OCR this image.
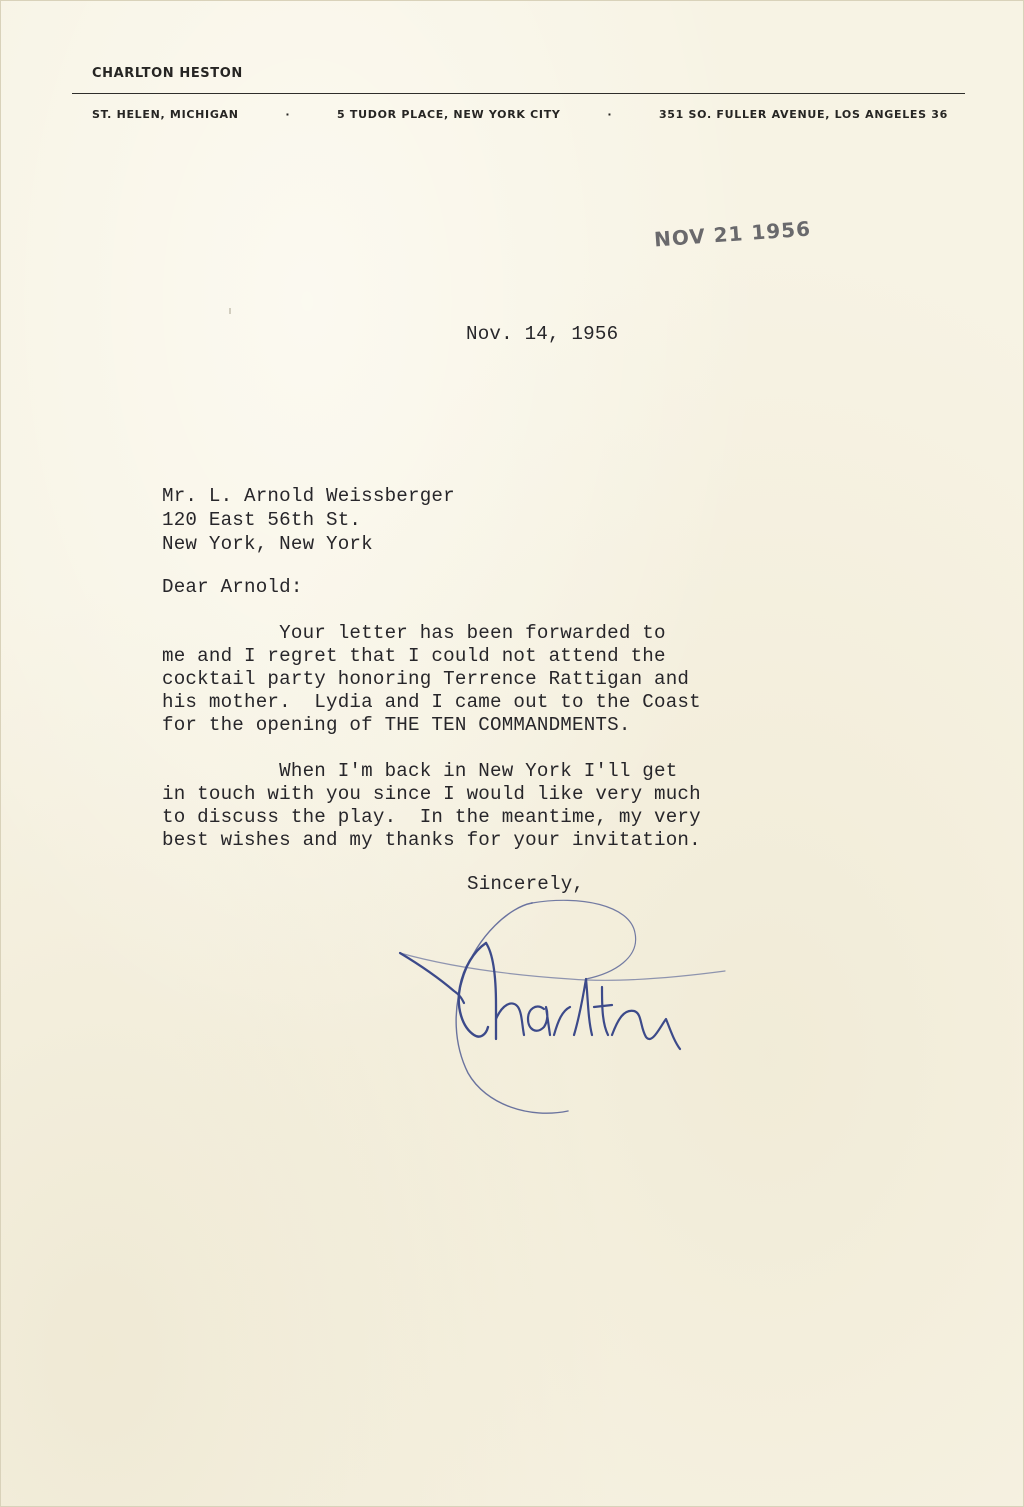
CHARLTON HESTON
ST. HELEN, MICHIGAN	·	5 TUDOR PLACE, NEW YORK CITY	·	351 SO. FULLER AVENUE, LOS ANGELES 36
NOV 21 1956
Nov. 14, 1956
Mr. L. Arnold Weissberger
120 East 56th St.
New York, New York
Dear Arnold:
Your letter has been forwarded to
me and I regret that I could not attend the
cocktail party honoring Terrence Rattigan and
his mother.  Lydia and I came out to the Coast
for the opening of THE TEN COMMANDMENTS.
When I'm back in New York I'll get
in touch with you since I would like very much
to discuss the play.  In the meantime, my very
best wishes and my thanks for your invitation.
Sincerely,
